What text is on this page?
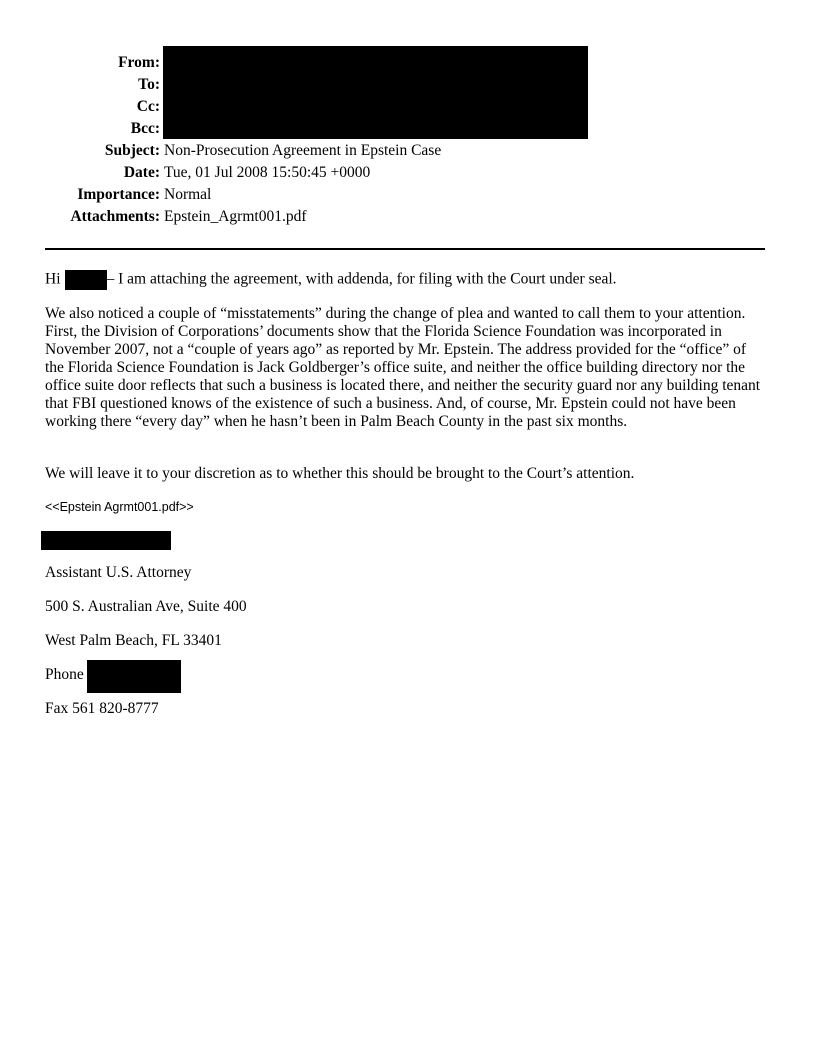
From:
To:
Cc:
Bcc:
Subject: Non-Prosecution Agreement in Epstein Case
Date: Tue, 01 Jul 2008 15:50:45 +0000
Importance: Normal
Attachments: Epstein_Agrmt001.pdf
Hi	– I am attaching the agreement, with addenda, for filing with the Court under seal.
We also noticed a couple of “misstatements” during the change of plea and wanted to call them to your attention. First, the Division of Corporations’ documents show that the Florida Science Foundation was incorporated in November 2007, not a “couple of years ago” as reported by Mr. Epstein. The address provided for the “office” of the Florida Science Foundation is Jack Goldberger’s office suite, and neither the office building directory nor the office suite door reflects that such a business is located there, and neither the security guard nor any building tenant that FBI questioned knows of the existence of such a business. And, of course, Mr. Epstein could not have been working there “every day” when he hasn’t been in Palm Beach County in the past six months.
We will leave it to your discretion as to whether this should be brought to the Court’s attention.
<<Epstein Agrmt001.pdf>>
Assistant U.S. Attorney
500 S. Australian Ave, Suite 400
West Palm Beach, FL 33401
Phone
Fax 561 820-8777
